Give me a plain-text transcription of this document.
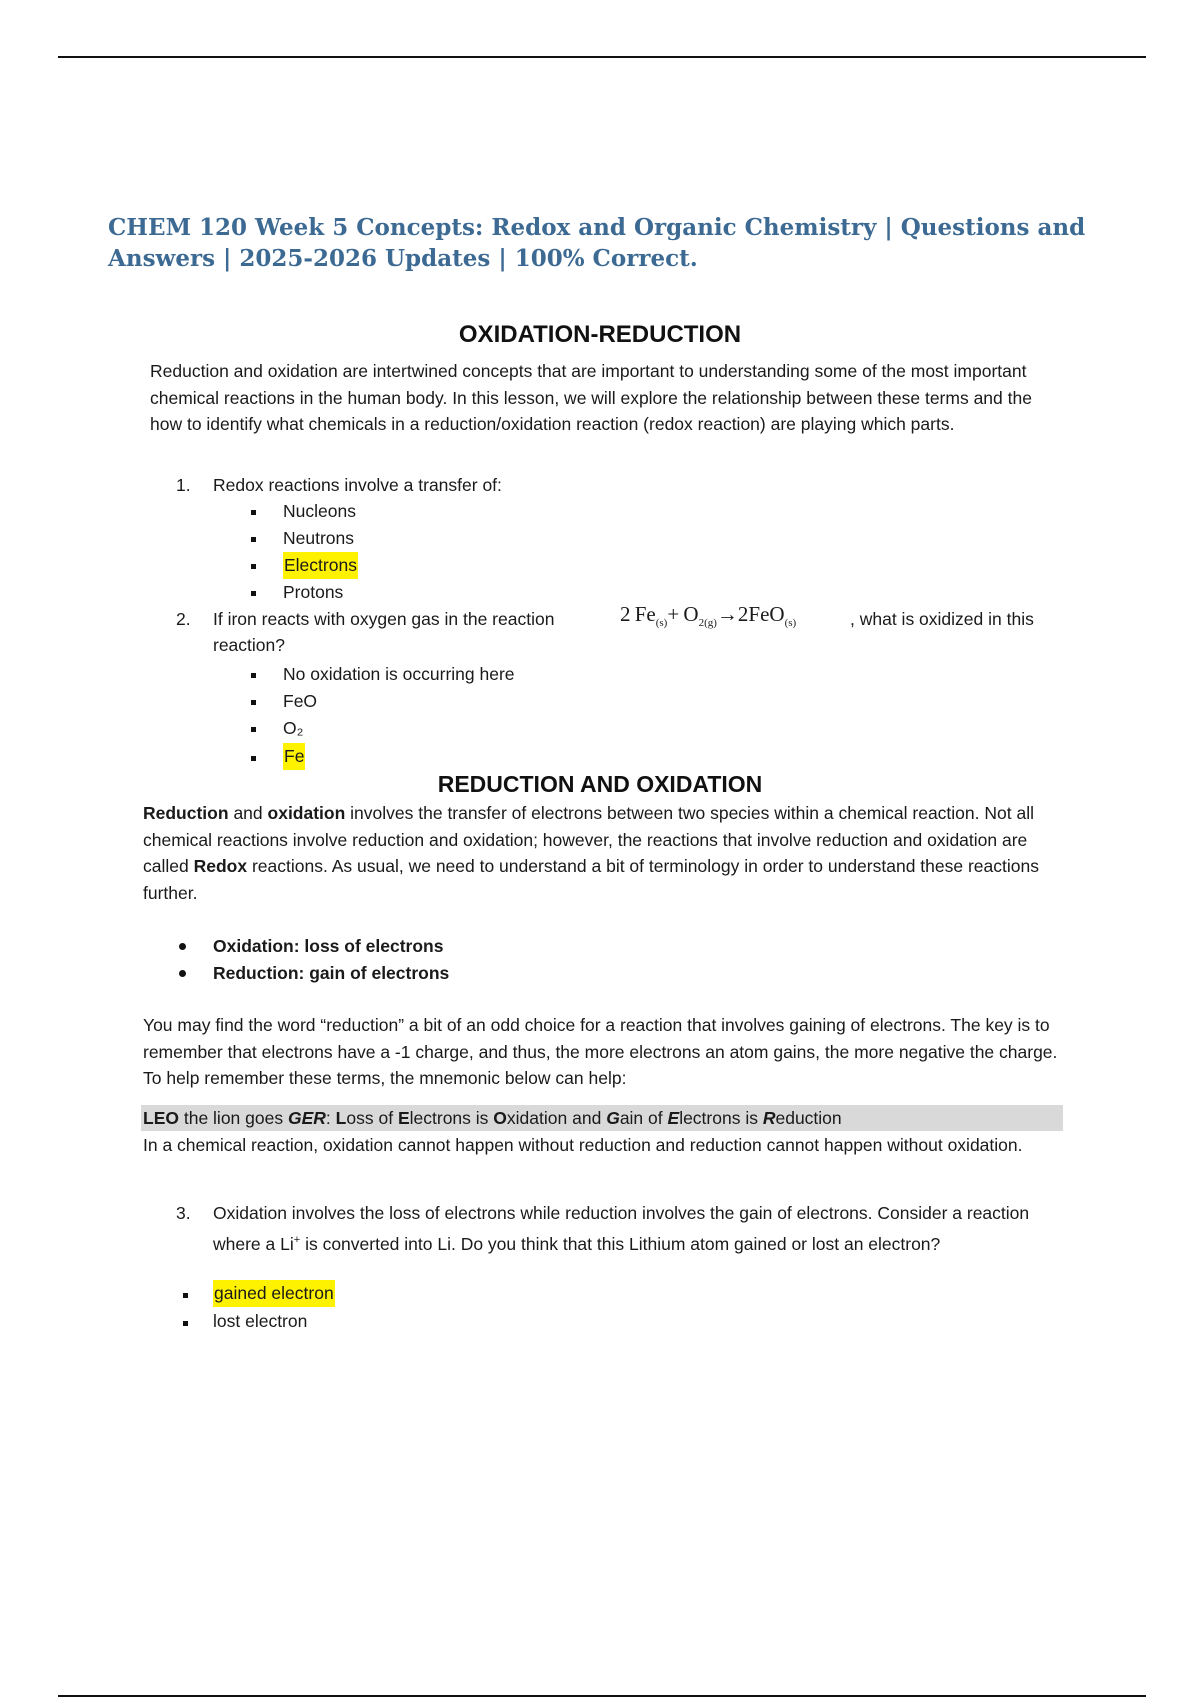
CHEM 120 Week 5 Concepts: Redox and Organic Chemistry | Questions and Answers | 2025-2026 Updates | 100% Correct.
OXIDATION-REDUCTION

Reduction and oxidation are intertwined concepts that are important to understanding some of the most important chemical reactions in the human body. In this lesson, we will explore the relationship between these terms and the how to identify what chemicals in a reduction/oxidation reaction (redox reaction) are playing which parts.

1. Redox reactions involve a transfer of:
Nucleons
Neutrons
Electrons
Protons
2. If iron reacts with oxygen gas in the reaction	2  $Fe_{(s)}+ O_{2(g)}\to 2FeO_{(s)}$	, what is oxidized in this
reaction?
No oxidation is occurring here
FeO
O₂
Fe
REDUCTION AND OXIDATION

Reduction and oxidation involves the transfer of electrons between two species within a chemical reaction. Not all chemical reactions involve reduction and oxidation; however, the reactions that involve reduction and oxidation are called Redox reactions. As usual, we need to understand a bit of terminology in order to understand these reactions further.

Oxidation: loss of electrons
Reduction: gain of electrons

You may find the word “reduction” a bit of an odd choice for a reaction that involves gaining of electrons. The key is to remember that electrons have a -1 charge, and thus, the more electrons an atom gains, the more negative the charge. To help remember these terms, the mnemonic below can help:

LEO the lion goes GER: Loss of Electrons is Oxidation and Gain of Electrons is Reduction

In a chemical reaction, oxidation cannot happen without reduction and reduction cannot happen without oxidation.

3. Oxidation involves the loss of electrons while reduction involves the gain of electrons. Consider a reaction where a Li+ is converted into Li. Do you think that this Lithium atom gained or lost an electron?

gained electron
lost electron
